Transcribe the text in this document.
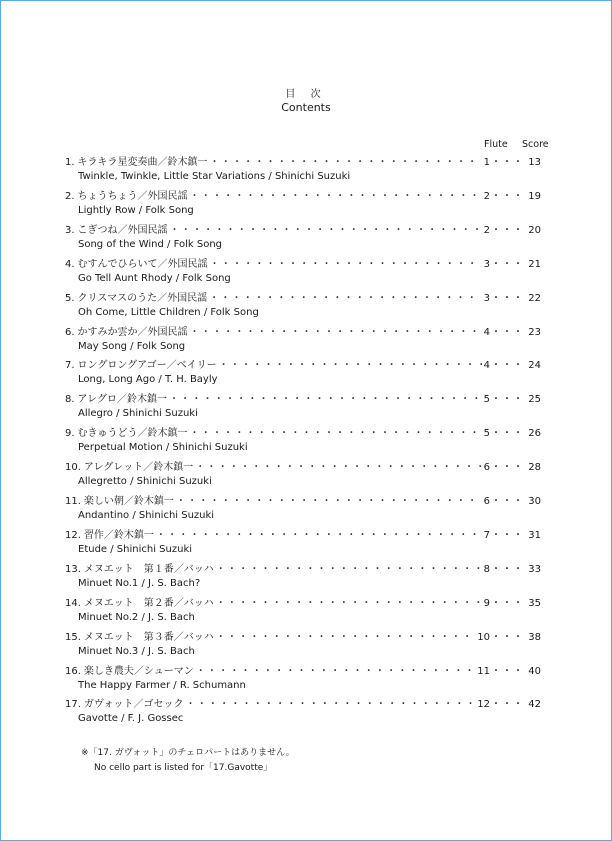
目 次
Contents
Flute Score
1. キラキラ星変奏曲／鈴木鎮一 ・・・・・・・・・・・・・・・・・・・・・・・・・・・・・・・・・・・・・・・・・・・・・・・・・・・・・・	1 ・・・ 13
Twinkle, Twinkle, Little Star Variations / Shinichi Suzuki
2. ちょうちょう／外国民謡 ・・・・・・・・・・・・・・・・・・・・・・・・・・・・・・・・・・・・・・・・・・・・・・・・・・・・・・	2 ・・・ 19
Lightly Row / Folk Song
3. こぎつね／外国民謡 ・・・・・・・・・・・・・・・・・・・・・・・・・・・・・・・・・・・・・・・・・・・・・・・・・・・・・・	2 ・・・ 20
Song of the Wind / Folk Song
4. むすんでひらいて／外国民謡 ・・・・・・・・・・・・・・・・・・・・・・・・・・・・・・・・・・・・・・・・・・・・・・・・・・・・・・	3 ・・・ 21
Go Tell Aunt Rhody / Folk Song
5. クリスマスのうた／外国民謡 ・・・・・・・・・・・・・・・・・・・・・・・・・・・・・・・・・・・・・・・・・・・・・・・・・・・・・・	3 ・・・ 22
Oh Come, Little Children / Folk Song
6. かすみか雲か／外国民謡 ・・・・・・・・・・・・・・・・・・・・・・・・・・・・・・・・・・・・・・・・・・・・・・・・・・・・・・	4 ・・・ 23
May Song / Folk Song
7. ロングロングアゴー／ベイリー ・・・・・・・・・・・・・・・・・・・・・・・・・・・・・・・・・・・・・・・・・・・・・・・・・・・・・・	4 ・・・ 24
Long, Long Ago / T. H. Bayly
8. アレグロ／鈴木鎮一 ・・・・・・・・・・・・・・・・・・・・・・・・・・・・・・・・・・・・・・・・・・・・・・・・・・・・・・	5 ・・・ 25
Allegro / Shinichi Suzuki
9. むきゅうどう／鈴木鎮一 ・・・・・・・・・・・・・・・・・・・・・・・・・・・・・・・・・・・・・・・・・・・・・・・・・・・・・・	5 ・・・ 26
Perpetual Motion / Shinichi Suzuki
10. アレグレット／鈴木鎮一 ・・・・・・・・・・・・・・・・・・・・・・・・・・・・・・・・・・・・・・・・・・・・・・・・・・・・・・	6 ・・・ 28
Allegretto / Shinichi Suzuki
11. 楽しい朝／鈴木鎮一 ・・・・・・・・・・・・・・・・・・・・・・・・・・・・・・・・・・・・・・・・・・・・・・・・・・・・・・	6 ・・・ 30
Andantino / Shinichi Suzuki
12. 習作／鈴木鎮一 ・・・・・・・・・・・・・・・・・・・・・・・・・・・・・・・・・・・・・・・・・・・・・・・・・・・・・・	7 ・・・ 31
Etude / Shinichi Suzuki
13. メヌエット　第１番／バッハ ・・・・・・・・・・・・・・・・・・・・・・・・・・・・・・・・・・・・・・・・・・・・・・・・・・・・・・	8 ・・・ 33
Minuet No.1 / J. S. Bach?
14. メヌエット　第２番／バッハ ・・・・・・・・・・・・・・・・・・・・・・・・・・・・・・・・・・・・・・・・・・・・・・・・・・・・・・	9 ・・・ 35
Minuet No.2 / J. S. Bach
15. メヌエット　第３番／バッハ ・・・・・・・・・・・・・・・・・・・・・・・・・・・・・・・・・・・・・・・・・・・・・・・・・・・・・・	10 ・・・ 38
Minuet No.3 / J. S. Bach
16. 楽しき農夫／シューマン ・・・・・・・・・・・・・・・・・・・・・・・・・・・・・・・・・・・・・・・・・・・・・・・・・・・・・・	11 ・・・ 40
The Happy Farmer / R. Schumann
17. ガヴォット／ゴセック ・・・・・・・・・・・・・・・・・・・・・・・・・・・・・・・・・・・・・・・・・・・・・・・・・・・・・・	12 ・・・ 42
Gavotte / F. J. Gossec
※「17. ガヴォット」のチェロパートはありません。
No cello part is listed for「17.Gavotte」
